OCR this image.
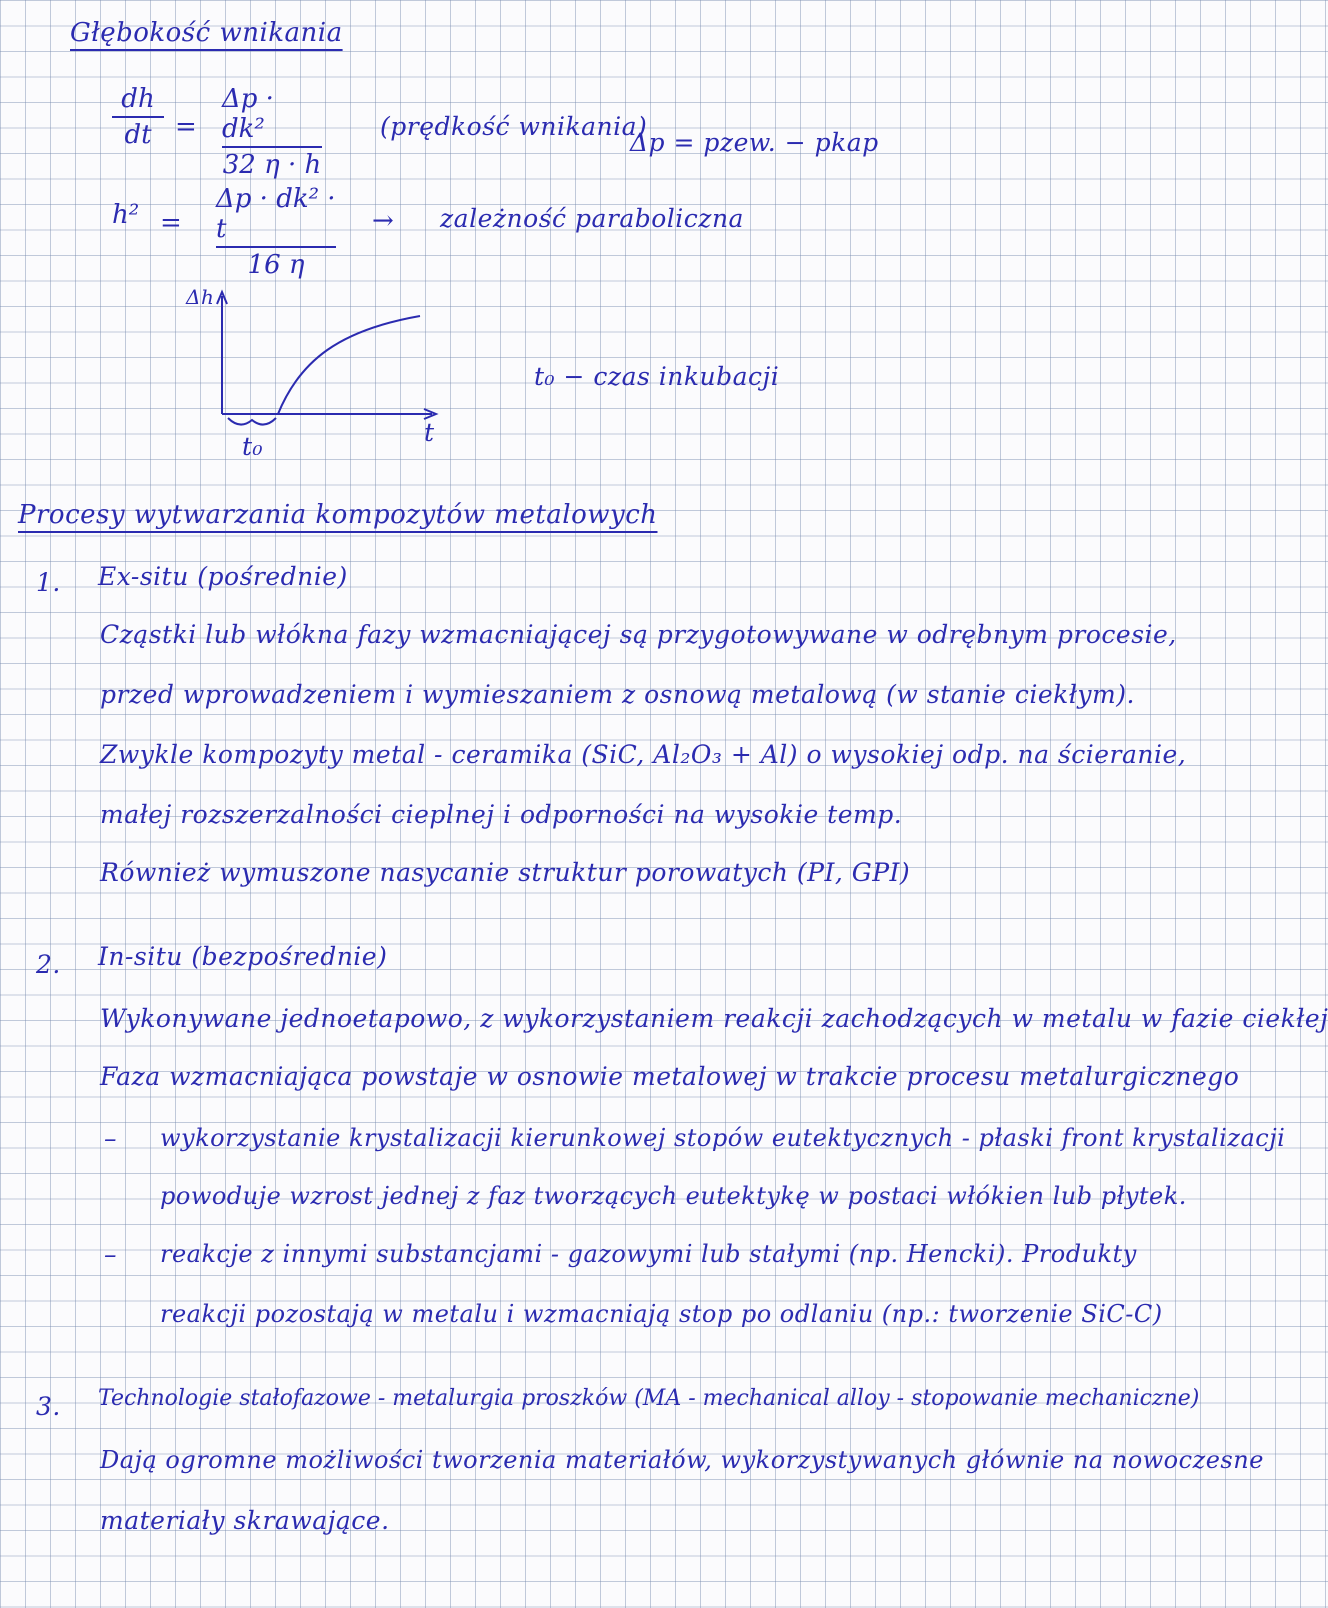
Głębokość wnikania
dh
dt =
Δp · dk²
32 η · h
(prędkość wnikania)
Δp = pzew. − pkap
h² =
Δp · dk² · t
16 η
→ zależność paraboliczna
Δh
t
t₀
t₀ − czas inkubacji
Procesy wytwarzania kompozytów metalowych
1. Ex-situ (pośrednie)
Cząstki lub włókna fazy wzmacniającej są przygotowywane w odrębnym procesie,
przed wprowadzeniem i wymieszaniem z osnową metalową (w stanie ciekłym).
Zwykle kompozyty metal - ceramika (SiC, Al₂O₃ + Al) o wysokiej odp. na ścieranie,
małej rozszerzalności cieplnej i odporności na wysokie temp.
Również wymuszone nasycanie struktur porowatych (PI, GPI)
2. In-situ (bezpośrednie)
Wykonywane jednoetapowo, z wykorzystaniem reakcji zachodzących w metalu w fazie ciekłej
Faza wzmacniająca powstaje w osnowie metalowej w trakcie procesu metalurgicznego
– wykorzystanie krystalizacji kierunkowej stopów eutektycznych - płaski front krystalizacji
powoduje wzrost jednej z faz tworzących eutektykę w postaci włókien lub płytek.
– reakcje z innymi substancjami - gazowymi lub stałymi (np. Hencki). Produkty
reakcji pozostają w metalu i wzmacniają stop po odlaniu (np.: tworzenie SiC-C)
3. Technologie stałofazowe - metalurgia proszków (MA - mechanical alloy - stopowanie mechaniczne)
Dają ogromne możliwości tworzenia materiałów, wykorzystywanych głównie na nowoczesne
materiały skrawające.
